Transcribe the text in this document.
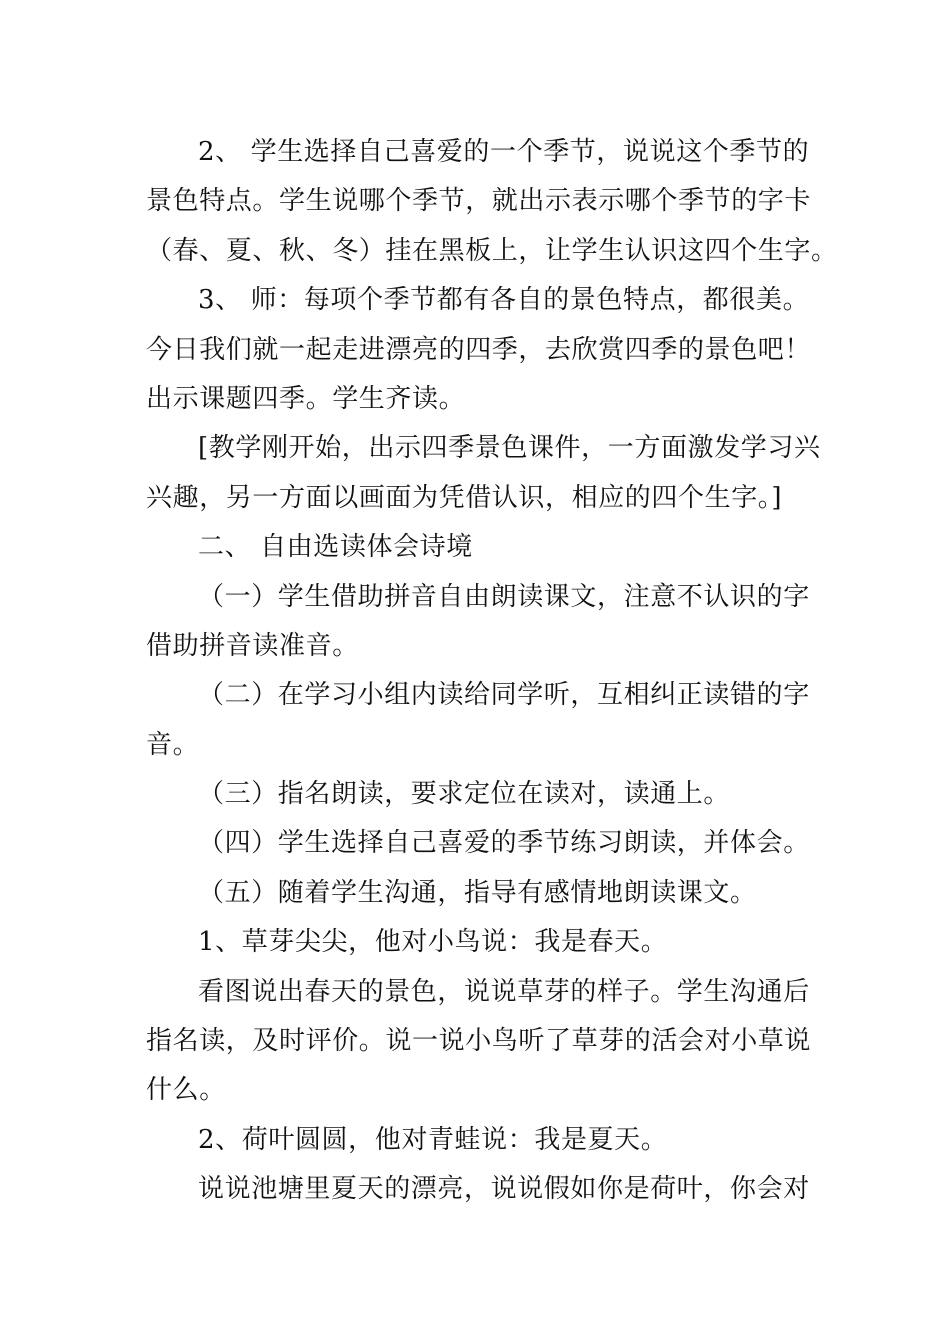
2、 学生选择自己喜爱的一个季节，说说这个季节的
景色特点。学生说哪个季节，就出示表示哪个季节的字卡
（春、夏、秋、冬）挂在黑板上，让学生认识这四个生字。

3、 师：每项个季节都有各自的景色特点，都很美。
今日我们就一起走进漂亮的四季，去欣赏四季的景色吧！
出示课题四季。学生齐读。

[教学刚开始，出示四季景色课件，一方面激发学习兴
兴趣，另一方面以画面为凭借认识，相应的四个生字。]

二、 自由选读体会诗境

（一）学生借助拼音自由朗读课文，注意不认识的字
借助拼音读准音。

（二）在学习小组内读给同学听，互相纠正读错的字
音。

（三）指名朗读，要求定位在读对，读通上。

（四）学生选择自己喜爱的季节练习朗读，并体会。

（五）随着学生沟通，指导有感情地朗读课文。

1、草芽尖尖，他对小鸟说：我是春天。

看图说出春天的景色，说说草芽的样子。学生沟通后
指名读，及时评价。说一说小鸟听了草芽的活会对小草说
什么。

2、荷叶圆圆，他对青蛙说：我是夏天。

说说池塘里夏天的漂亮，说说假如你是荷叶，你会对
